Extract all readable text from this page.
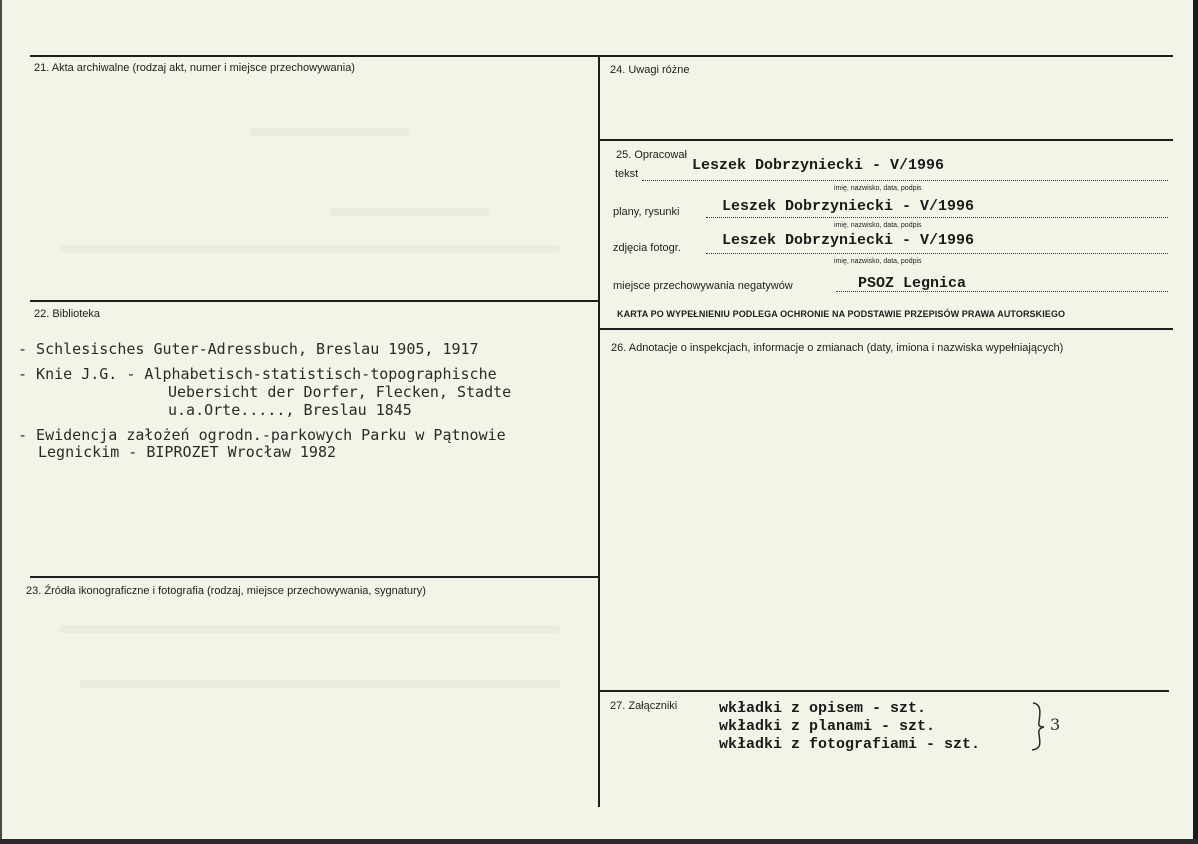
21. Akta archiwalne (rodzaj akt, numer i miejsce przechowywania)
22. Biblioteka
- Schlesisches Guter-Adressbuch, Breslau 1905, 1917
- Knie J.G. - Alphabetisch-statistisch-topographische
Uebersicht der Dorfer, Flecken, Stadte
u.a.Orte....., Breslau 1845
- Ewidencja założeń ogrodn.-parkowych Parku w Pątnowie
Legnickim - BIPROZET Wrocław 1982
23. Źródła ikonograficzne i fotografia (rodzaj, miejsce przechowywania, sygnatury)
24. Uwagi różne
25. Opracował
tekst	Leszek Dobrzyniecki - V/1996
imię, nazwisko, data, podpis
plany, rysunki	Leszek Dobrzyniecki - V/1996
imię, nazwisko, data, podpis
zdjęcia fotogr.	Leszek Dobrzyniecki - V/1996
imię, nazwisko, data, podpis
miejsce przechowywania negatywów	PSOZ Legnica
KARTA PO WYPEŁNIENIU PODLEGA OCHRONIE NA PODSTAWIE PRZEPISÓW PRAWA AUTORSKIEGO
26. Adnotacje o inspekcjach, informacje o zmianach (daty, imiona i nazwiska wypełniających)
27. Załączniki	wkładki z opisem - szt.
wkładki z planami - szt.
wkładki z fotografiami - szt.
3
